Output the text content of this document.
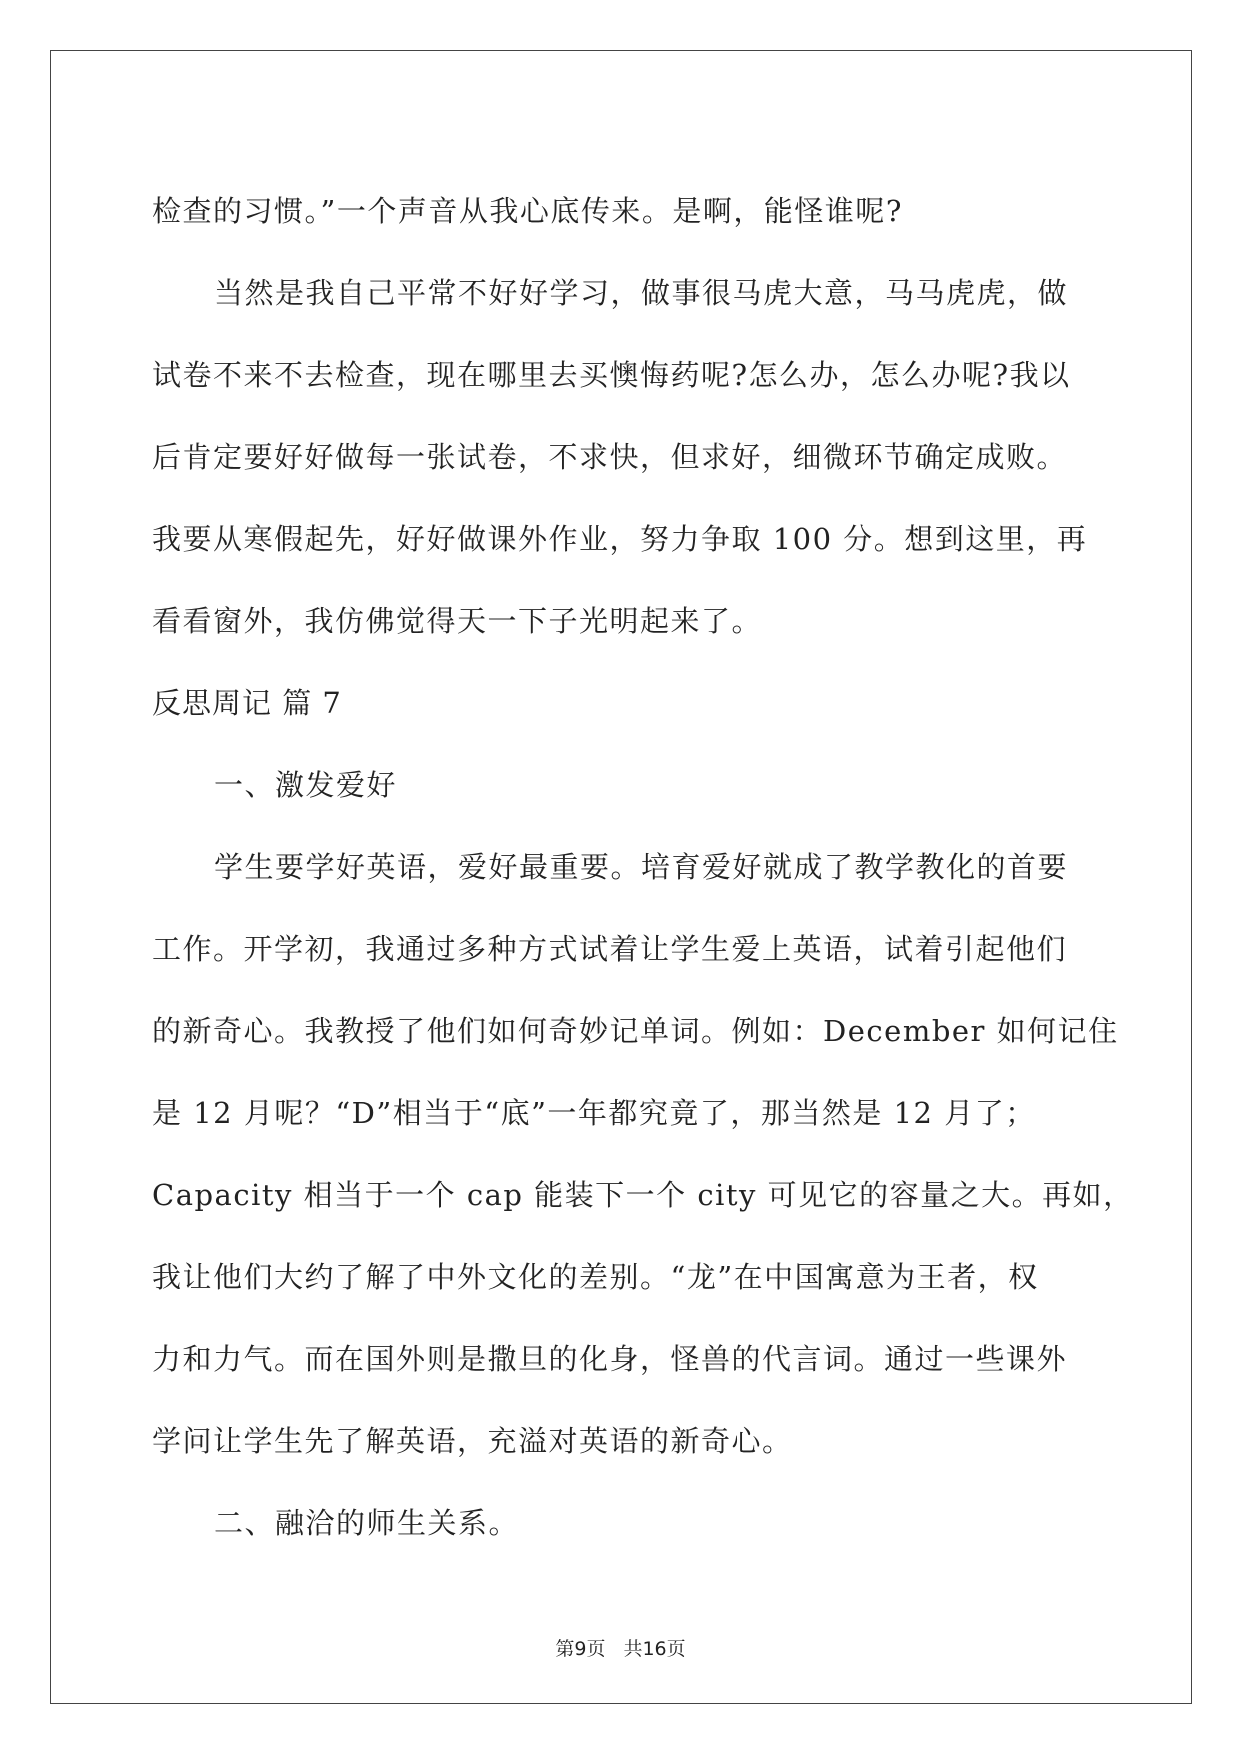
检查的习惯。”一个声音从我心底传来。是啊，能怪谁呢?
当然是我自己平常不好好学习，做事很马虎大意，马马虎虎，做
试卷不来不去检查，现在哪里去买懊悔药呢?怎么办，怎么办呢?我以
后肯定要好好做每一张试卷，不求快，但求好，细微环节确定成败。
我要从寒假起先，好好做课外作业，努力争取 100 分。想到这里，再
看看窗外，我仿佛觉得天一下子光明起来了。
反思周记 篇 7
一、激发爱好
学生要学好英语，爱好最重要。培育爱好就成了教学教化的首要
工作。开学初，我通过多种方式试着让学生爱上英语，试着引起他们
的新奇心。我教授了他们如何奇妙记单词。例如：December 如何记住
是 12 月呢？“D”相当于“底”一年都究竟了，那当然是 12 月了；
Capacity 相当于一个 cap 能装下一个 city 可见它的容量之大。再如，
我让他们大约了解了中外文化的差别。“龙”在中国寓意为王者，权
力和力气。而在国外则是撒旦的化身，怪兽的代言词。通过一些课外
学问让学生先了解英语，充溢对英语的新奇心。
二、融洽的师生关系。
第9页 共16页
